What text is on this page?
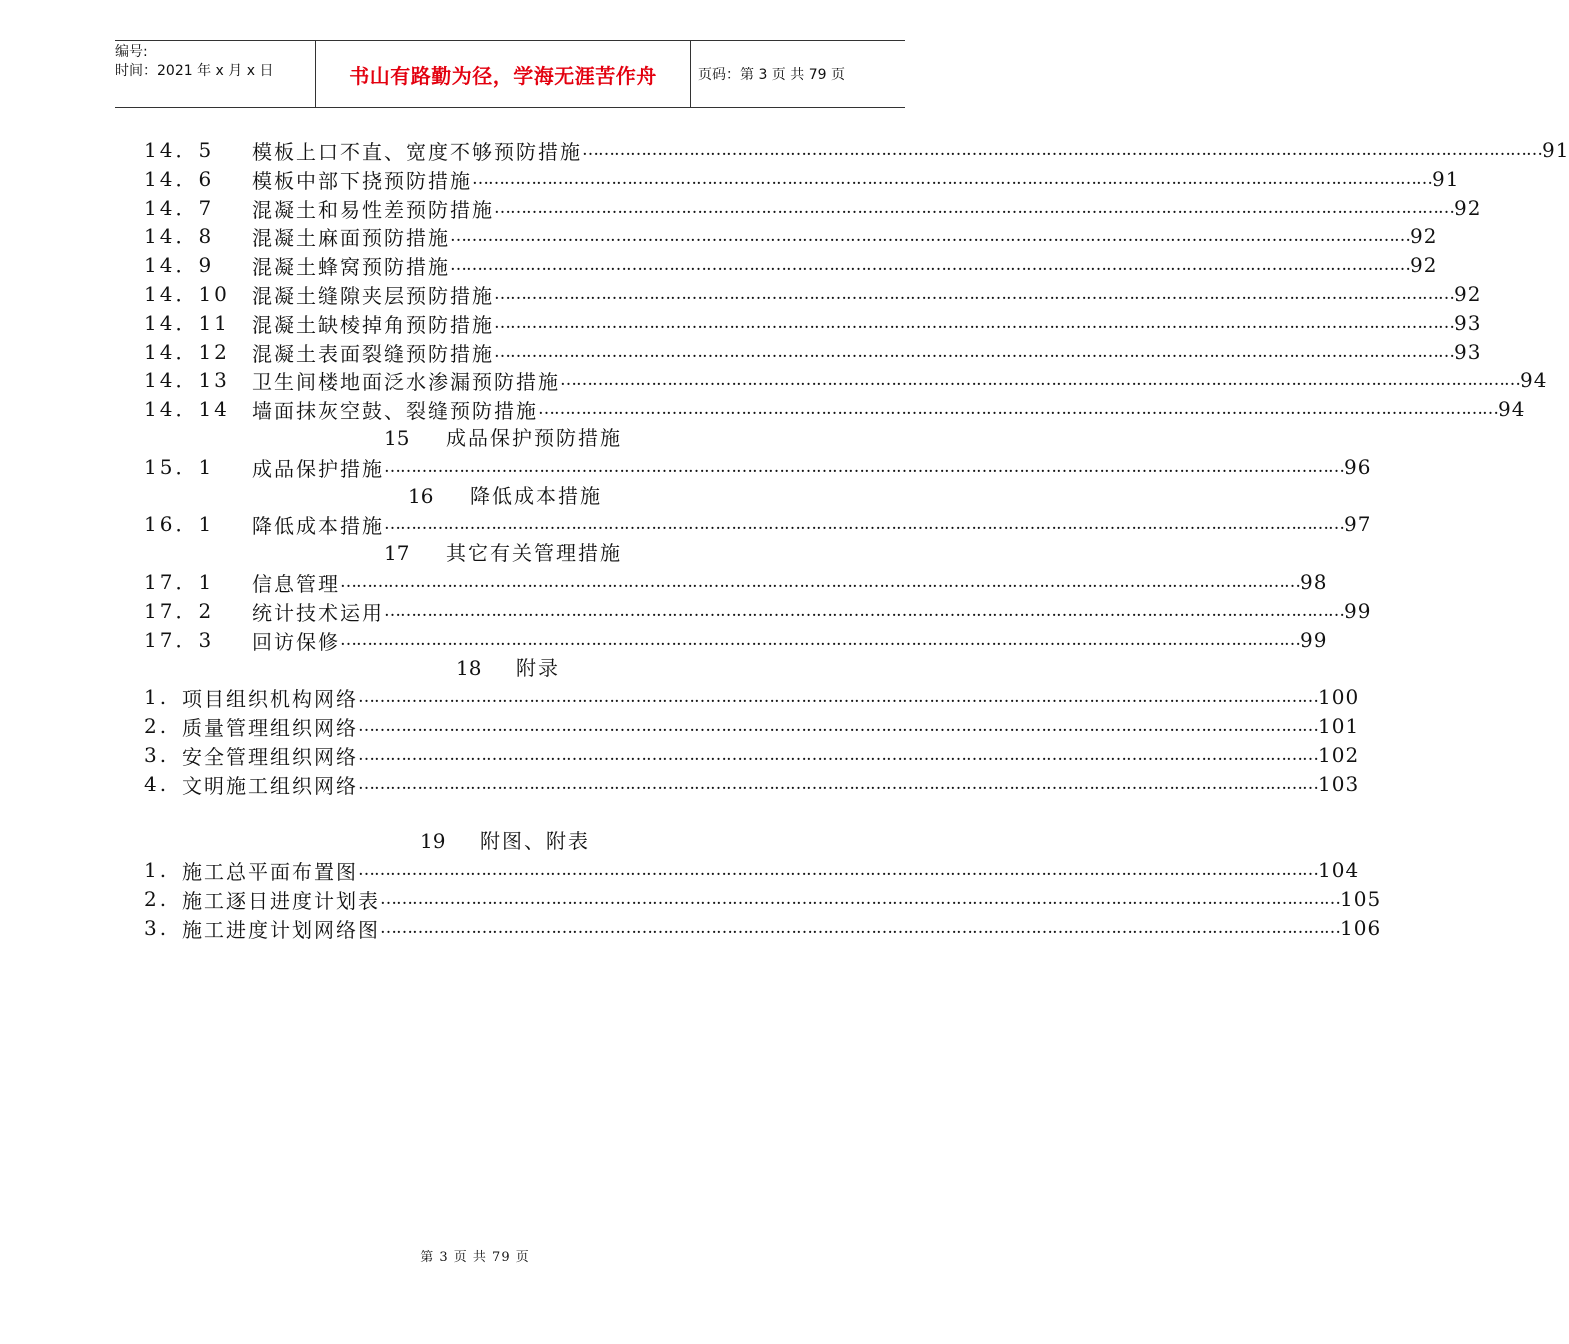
编号:
时间：2021 年 x 月 x 日	书山有路勤为径，学海无涯苦作舟	页码：第 3 页 共 79 页
14．5 模板上口不直、宽度不够预防措施 ……………………………………………………………………………………………………………………………………………………………… 91
14．6 模板中部下挠预防措施 ……………………………………………………………………………………………………………………………………………………………… 91
14．7 混凝土和易性差预防措施 ……………………………………………………………………………………………………………………………………………………………… 92
14．8 混凝土麻面预防措施 ……………………………………………………………………………………………………………………………………………………………… 92
14．9 混凝土蜂窝预防措施 ……………………………………………………………………………………………………………………………………………………………… 92
14．10 混凝土缝隙夹层预防措施 ……………………………………………………………………………………………………………………………………………………………… 92
14．11 混凝土缺棱掉角预防措施 ……………………………………………………………………………………………………………………………………………………………… 93
14．12 混凝土表面裂缝预防措施 ……………………………………………………………………………………………………………………………………………………………… 93
14．13 卫生间楼地面泛水渗漏预防措施 ……………………………………………………………………………………………………………………………………………………………… 94
14．14 墙面抹灰空鼓、裂缝预防措施 ……………………………………………………………………………………………………………………………………………………………… 94
15 成品保护预防措施
15．1 成品保护措施 ……………………………………………………………………………………………………………………………………………………………… 96
16 降低成本措施
16．1 降低成本措施 ……………………………………………………………………………………………………………………………………………………………… 97
17 其它有关管理措施
17．1 信息管理 ……………………………………………………………………………………………………………………………………………………………… 98
17．2 统计技术运用 ……………………………………………………………………………………………………………………………………………………………… 99
17．3 回访保修 ……………………………………………………………………………………………………………………………………………………………… 99
18 附录
1. 项目组织机构网络 ……………………………………………………………………………………………………………………………………………………………… 100
2. 质量管理组织网络 ……………………………………………………………………………………………………………………………………………………………… 101
3. 安全管理组织网络 ……………………………………………………………………………………………………………………………………………………………… 102
4. 文明施工组织网络 ……………………………………………………………………………………………………………………………………………………………… 103
19 附图、附表
1. 施工总平面布置图 ……………………………………………………………………………………………………………………………………………………………… 104
2. 施工逐日进度计划表 ……………………………………………………………………………………………………………………………………………………………… 105
3. 施工进度计划网络图 ……………………………………………………………………………………………………………………………………………………………… 106
第 3 页 共 79 页
